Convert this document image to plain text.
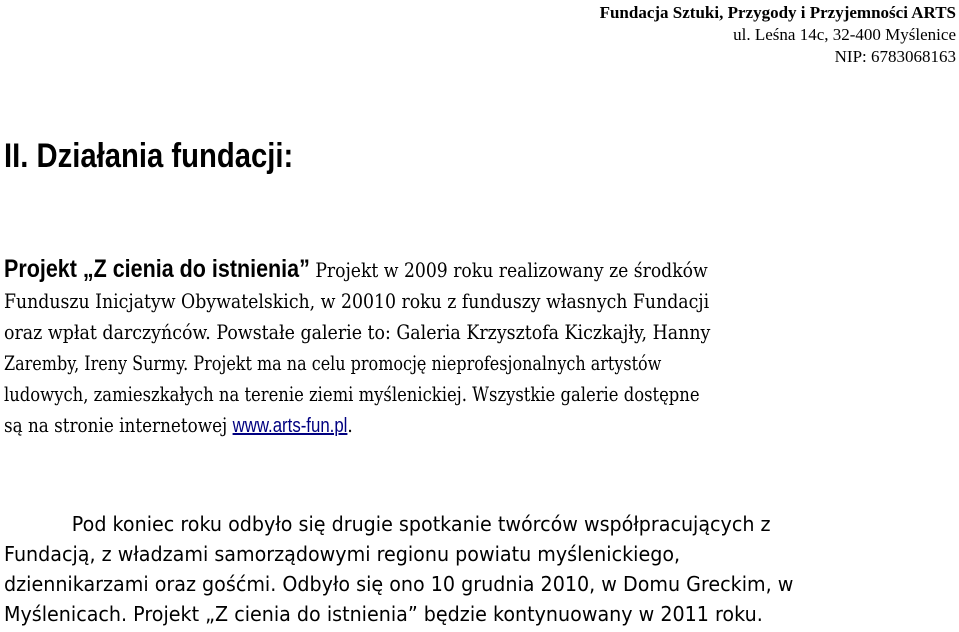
Fundacja Sztuki, Przygody i Przyjemności ARTS
ul. Leśna 14c, 32-400 Myślenice
NIP: 6783068163
II. Działania fundacji:
Projekt „Z cienia do istnienia” Projekt w 2009 roku realizowany ze środków
Funduszu Inicjatyw Obywatelskich, w 20010 roku z funduszy własnych Fundacji
oraz wpłat darczyńców. Powstałe galerie to: Galeria Krzysztofa Kiczkajły, Hanny
Zaremby, Ireny Surmy. Projekt ma na celu promocję nieprofesjonalnych artystów
ludowych, zamieszkałych na terenie ziemi myślenickiej. Wszystkie galerie dostępne
są na stronie internetowej www.arts-fun.pl.
Pod koniec roku odbyło się drugie spotkanie twórców współpracujących z
Fundacją, z władzami samorządowymi regionu powiatu myślenickiego,
dziennikarzami oraz gośćmi. Odbyło się ono 10 grudnia 2010, w Domu Greckim, w
Myślenicach. Projekt „Z cienia do istnienia” będzie kontynuowany w 2011 roku.
